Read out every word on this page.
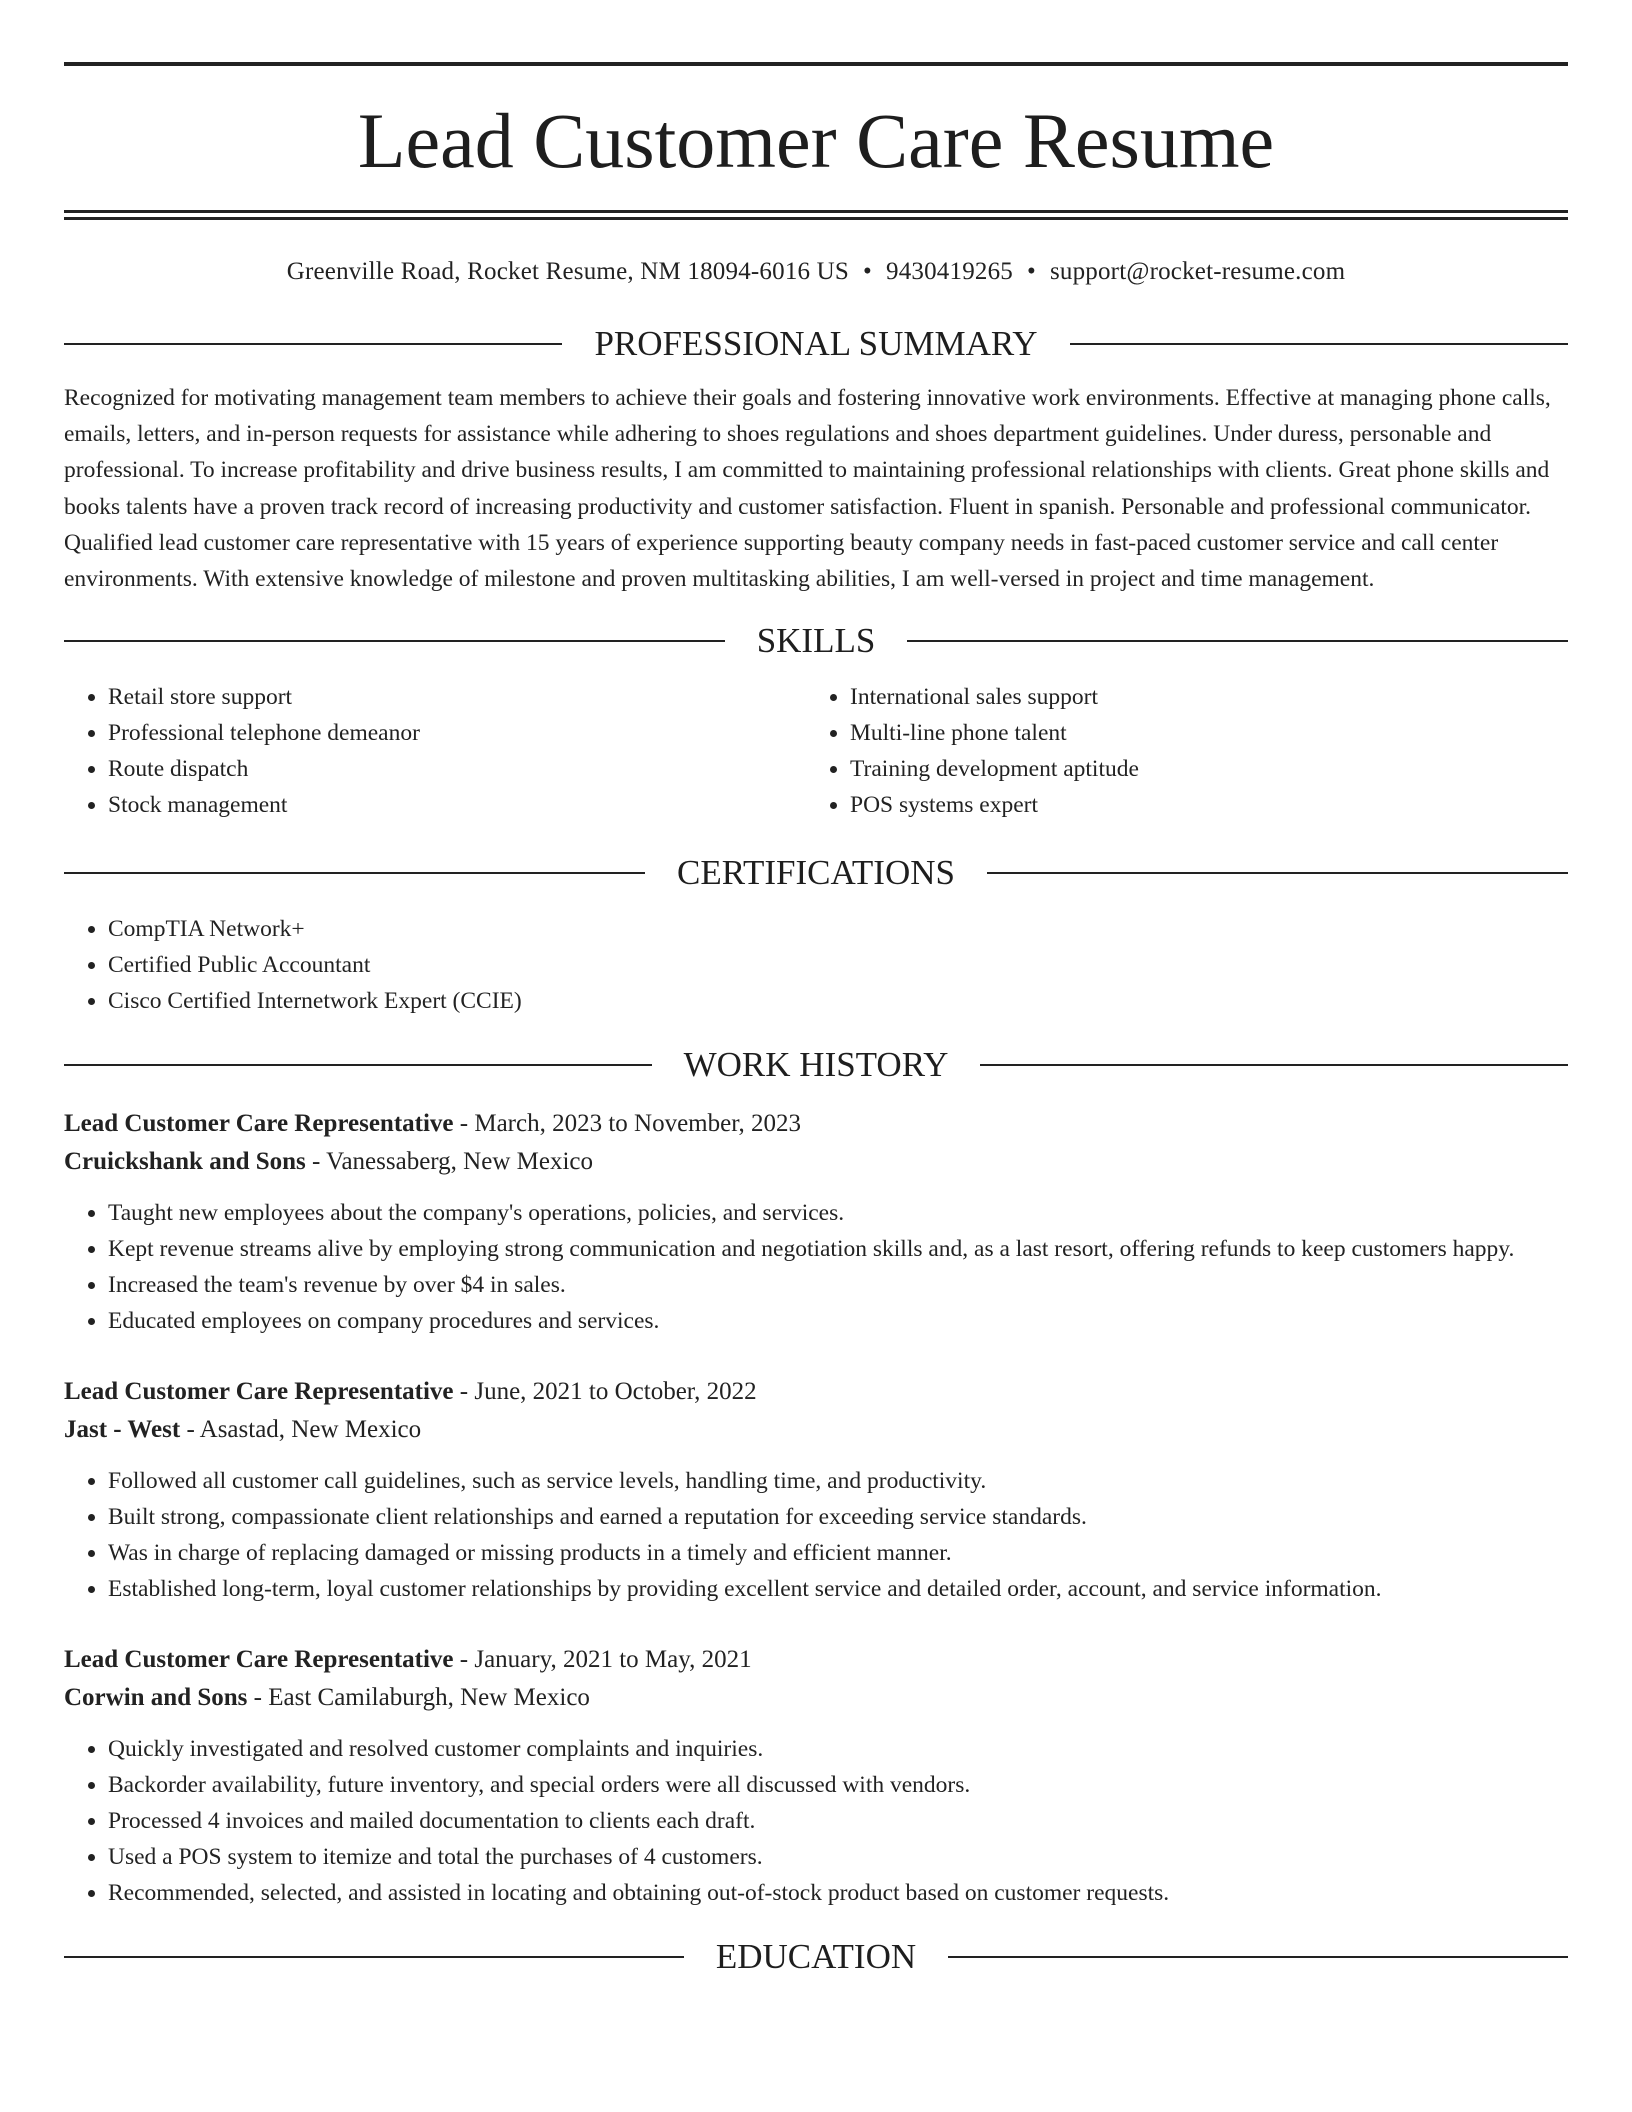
Lead Customer Care Resume
Greenville Road, Rocket Resume, NM 18094-6016 US • 9430419265 • support@rocket-resume.com
PROFESSIONAL SUMMARY

Recognized for motivating management team members to achieve their goals and fostering innovative work environments. Effective at managing phone calls, emails, letters, and in-person requests for assistance while adhering to shoes regulations and shoes department guidelines. Under duress, personable and professional. To increase profitability and drive business results, I am committed to maintaining professional relationships with clients. Great phone skills and books talents have a proven track record of increasing productivity and customer satisfaction. Fluent in spanish. Personable and professional communicator. Qualified lead customer care representative with 15 years of experience supporting beauty company needs in fast-paced customer service and call center environments. With extensive knowledge of milestone and proven multitasking abilities, I am well-versed in project and time management.

SKILLS
• Retail store support
• Professional telephone demeanor
• Route dispatch
• Stock management
• International sales support
• Multi-line phone talent
• Training development aptitude
• POS systems expert
CERTIFICATIONS
• CompTIA Network+
• Certified Public Accountant
• Cisco Certified Internetwork Expert (CCIE)
WORK HISTORY
Lead Customer Care Representative - March, 2023 to November, 2023
Cruickshank and Sons - Vanessaberg, New Mexico
• Taught new employees about the company's operations, policies, and services.
• Kept revenue streams alive by employing strong communication and negotiation skills and, as a last resort, offering refunds to keep customers happy.
• Increased the team's revenue by over $4 in sales.
• Educated employees on company procedures and services.
Lead Customer Care Representative - June, 2021 to October, 2022
Jast - West - Asastad, New Mexico
• Followed all customer call guidelines, such as service levels, handling time, and productivity.
• Built strong, compassionate client relationships and earned a reputation for exceeding service standards.
• Was in charge of replacing damaged or missing products in a timely and efficient manner.
• Established long-term, loyal customer relationships by providing excellent service and detailed order, account, and service information.
Lead Customer Care Representative - January, 2021 to May, 2021
Corwin and Sons - East Camilaburgh, New Mexico
• Quickly investigated and resolved customer complaints and inquiries.
• Backorder availability, future inventory, and special orders were all discussed with vendors.
• Processed 4 invoices and mailed documentation to clients each draft.
• Used a POS system to itemize and total the purchases of 4 customers.
• Recommended, selected, and assisted in locating and obtaining out-of-stock product based on customer requests.
EDUCATION
